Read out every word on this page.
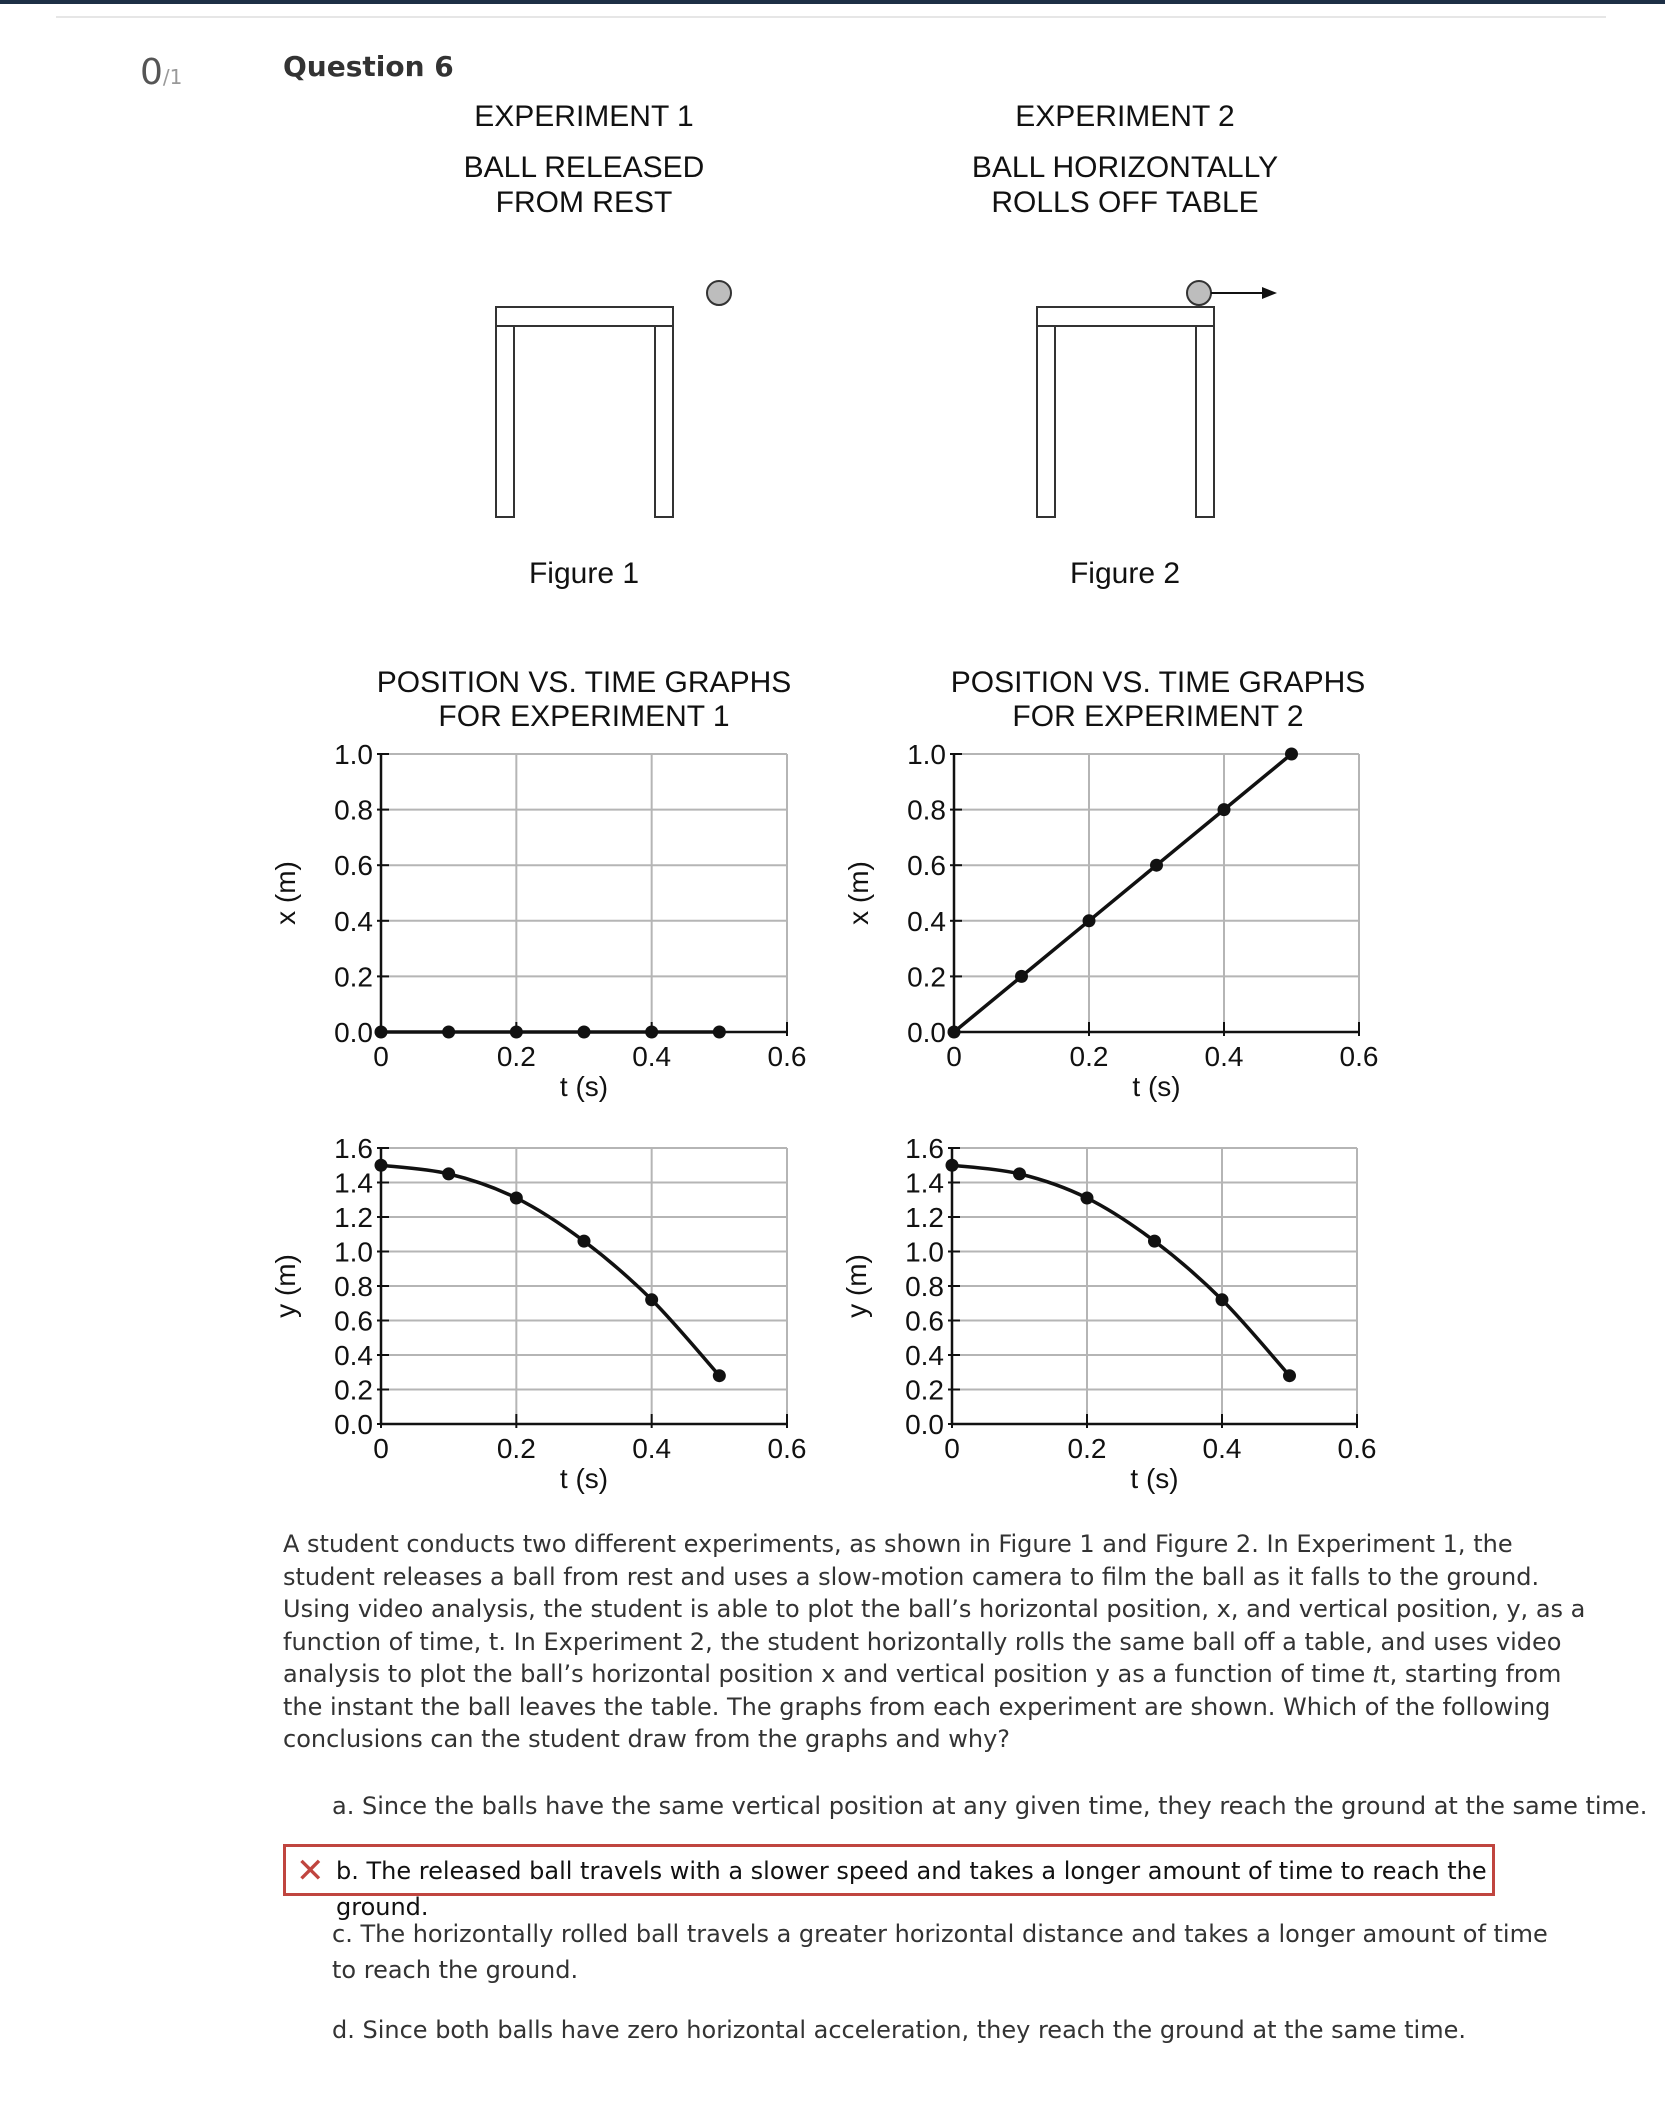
0/1	Question 6
EXPERIMENT 1
BALL RELEASED
FROM REST
Figure 1
EXPERIMENT 2
BALL HORIZONTALLY
ROLLS OFF TABLE
Figure 2
POSITION VS. TIME GRAPHS
FOR EXPERIMENT 1
POSITION VS. TIME GRAPHS
FOR EXPERIMENT 2
0.0
0.2
0.4
0.6
0.8
1.0
0	0.2	0.4	0.6
t (s)
x (m)
0.0
0.2
0.4
0.6
0.8
1.0
0	0.2	0.4	0.6
t (s)
x (m)
0.0
0.2
0.4
0.6
0.8
1.0
1.2
1.4
1.6
0	0.2	0.4	0.6
t (s)
y (m)
0.0
0.2
0.4
0.6
0.8
1.0
1.2
1.4
1.6
0	0.2	0.4	0.6
t (s)
y (m)
A student conducts two different experiments, as shown in Figure 1 and Figure 2. In Experiment 1, the student releases a ball from rest and uses a slow-motion camera to film the ball as it falls to the ground. Using video analysis, the student is able to plot the ball’s horizontal position, x, and vertical position, y, as a function of time, t. In Experiment 2, the student horizontally rolls the same ball off a table, and uses video analysis to plot the ball’s horizontal position x and vertical position y as a function of time 𝑡t, starting from the instant the ball leaves the table. The graphs from each experiment are shown. Which of the following conclusions can the student draw from the graphs and why?
a. Since the balls have the same vertical position at any given time, they reach the ground at the same time.
✕ b. The released ball travels with a slower speed and takes a longer amount of time to reach the ground.
c. The horizontally rolled ball travels a greater horizontal distance and takes a longer amount of time to reach the ground.
d. Since both balls have zero horizontal acceleration, they reach the ground at the same time.
